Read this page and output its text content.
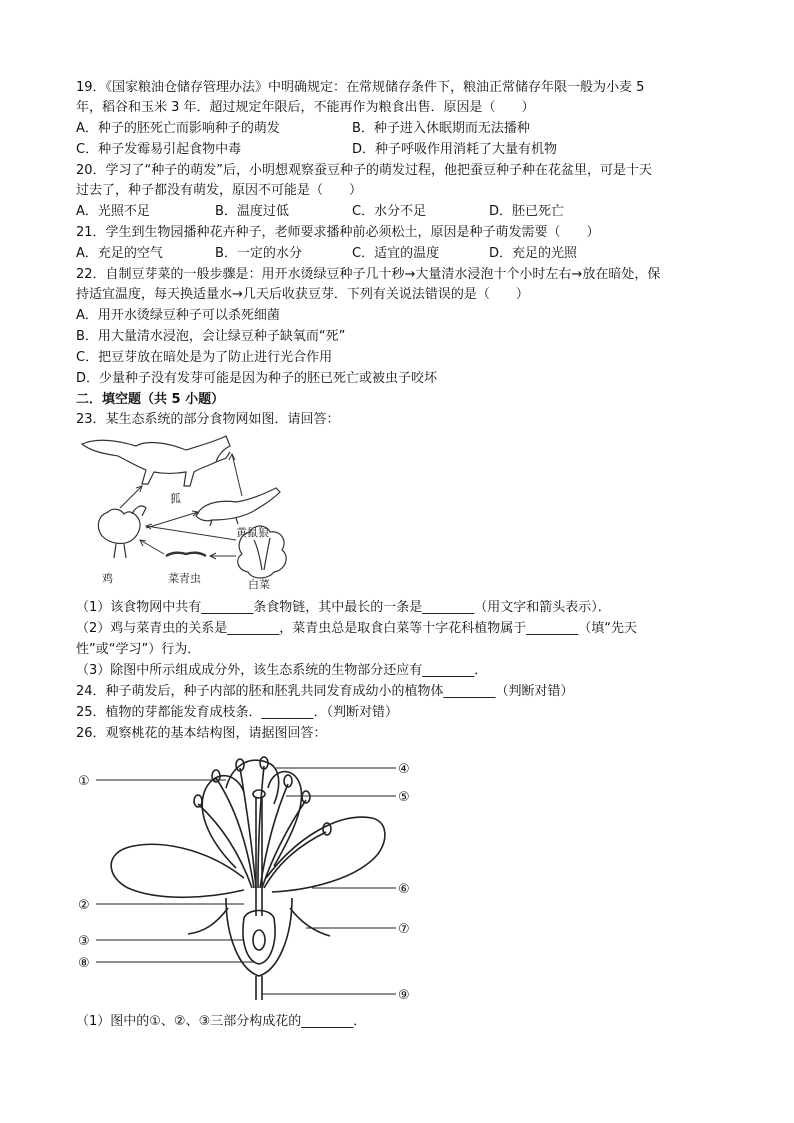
19．《国家粮油仓储存管理办法》中明确规定：在常规储存条件下，粮油正常储存年限一般为小麦 5
年，稻谷和玉米 3 年．超过规定年限后，不能再作为粮食出售．原因是（　　）
A．种子的胚死亡而影响种子的萌发	B．种子进入休眠期而无法播种
C．种子发霉易引起食物中毒	D．种子呼吸作用消耗了大量有机物
20．学习了“种子的萌发”后，小明想观察蚕豆种子的萌发过程，他把蚕豆种子种在花盆里，可是十天
过去了，种子都没有萌发，原因不可能是（　　）
A．光照不足	B．温度过低	C．水分不足	D．胚已死亡
21．学生到生物园播种花卉种子，老师要求播种前必须松土，原因是种子萌发需要（　　）
A．充足的空气	B．一定的水分	C．适宜的温度	D．充足的光照
22．自制豆芽菜的一般步骤是：用开水烫绿豆种子几十秒→大量清水浸泡十个小时左右→放在暗处，保
持适宜温度，每天换适量水→几天后收获豆芽．下列有关说法错误的是（　　）
A．用开水烫绿豆种子可以杀死细菌
B．用大量清水浸泡，会让绿豆种子缺氧而“死”
C．把豆芽放在暗处是为了防止进行光合作用
D．少量种子没有发芽可能是因为种子的胚已死亡或被虫子咬坏
二．填空题（共 5 小题）
23．某生态系统的部分食物网如图．请回答：
狐
黄鼠狼
鸡	菜青虫	白菜
（1）该食物网中共有________条食物链，其中最长的一条是________（用文字和箭头表示）．
（2）鸡与菜青虫的关系是________，菜青虫总是取食白菜等十字花科植物属于________（填“先天
性”或“学习”）行为．
（3）除图中所示组成成分外，该生态系统的生物部分还应有________．
24．种子萌发后，种子内部的胚和胚乳共同发育成幼小的植物体________（判断对错）
25．植物的芽都能发育成枝条．________．（判断对错）
26．观察桃花的基本结构图，请据图回答：
①
②
③
④
⑤
⑥
⑦
⑧
⑨
（1）图中的①、②、③三部分构成花的________．
